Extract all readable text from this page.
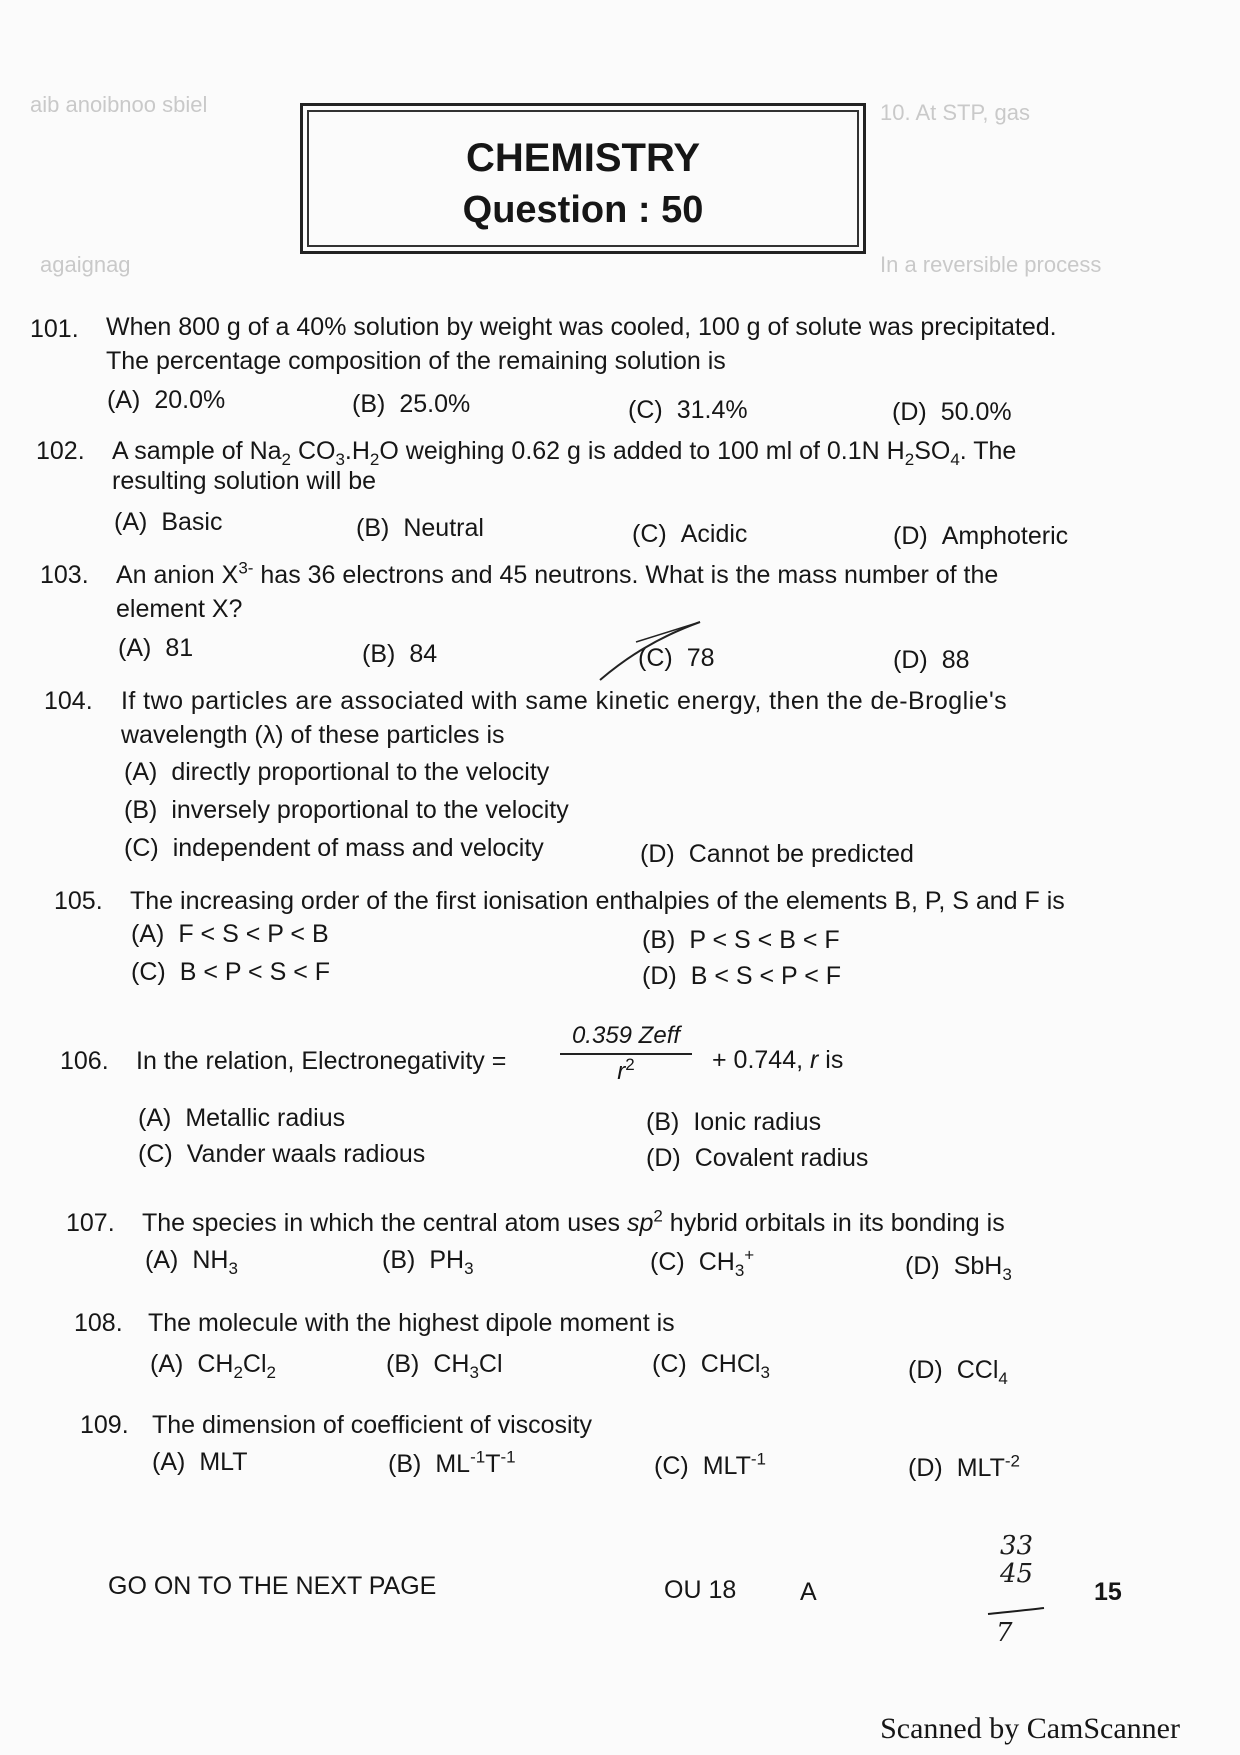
aib anoibnoo sbiel	10. At STP, gas
agaignag	In a reversible process
CHEMISTRY
Question : 50
101. When 800 g of a 40% solution by weight was cooled, 100 g of solute was precipitated.
The percentage composition of the remaining solution is
(A) 20.0%	(B) 25.0%	(C) 31.4%	(D) 50.0%
102. A sample of $Na_2$ $CO_3.H_2O$ weighing 0.62 g is added to 100 ml of 0.1N $H_2SO_4$. The
resulting solution will be
(A) Basic	(B) Neutral	(C) Acidic	(D) Amphoteric
103. An anion $X^{3-}$ has 36 electrons and 45 neutrons. What is the mass number of the
element X?
(A) 81	(B) 84	(C) 78	(D) 88
104. If two particles are associated with same kinetic energy, then the de-Broglie's
wavelength (λ) of these particles is
(A) directly proportional to the velocity
(B) inversely proportional to the velocity
(C) independent of mass and velocity	(D) Cannot be predicted
105. The increasing order of the first ionisation enthalpies of the elements B, P, S and F is
(A) F < S < P < B	(B) P < S < B < F
(C) B < P < S < F	(D) B < S < P < F
106. In the relation, Electronegativity =
0.359 Zeff
$r^2$	+ 0.744, r is
(A) Metallic radius	(B) Ionic radius
(C) Vander waals radious	(D) Covalent radius
107. The species in which the central atom uses $sp^2$ hybrid orbitals in its bonding is
(A) $NH_3$	(B) $PH_3$	(C) $CH_3^+$	(D) SbH$_3$
108. The molecule with the highest dipole moment is
(A) $CH_2Cl_2$	(B) $CH_3Cl$	(C) CHCl$_3$	(D) CCl$_4$
109. The dimension of coefficient of viscosity
(A) MLT	(B) $ML^{-1}T^{-1}$	(C) $MLT^{-1}$	(D) $MLT^{-2}$
GO ON TO THE NEXT PAGE	OU 18	A	15
33
45
7
Scanned by CamScanner
